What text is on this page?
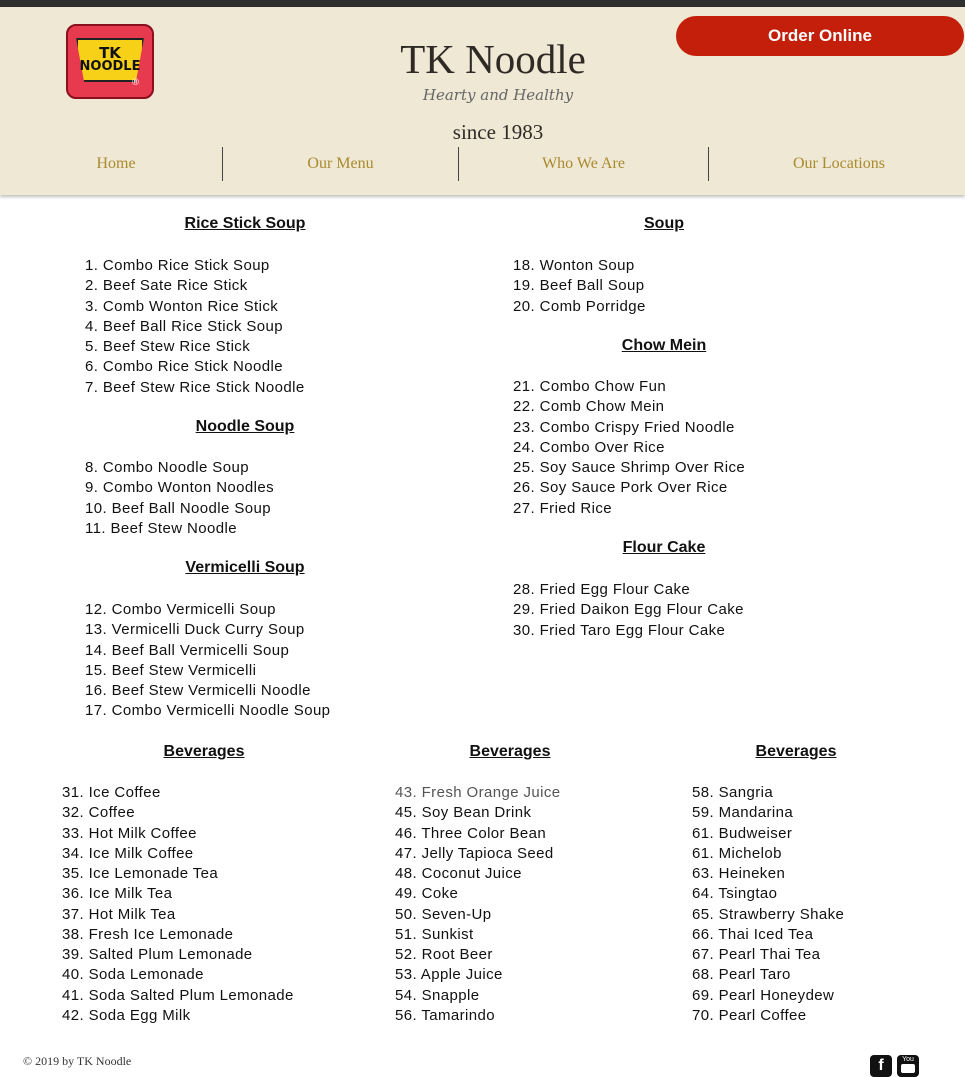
TK
NOODLE
®
TK Noodle
Hearty and Healthy
since 1983
Order Online
Home	Our Menu	Who We Are	Our Locations
Rice Stick Soup
1. Combo Rice Stick Soup
2. Beef Sate Rice Stick
3. Comb Wonton Rice Stick
4. Beef Ball Rice Stick Soup
5. Beef Stew Rice Stick
6. Combo Rice Stick Noodle
7. Beef Stew Rice Stick Noodle
Noodle Soup
8. Combo Noodle Soup
9. Combo Wonton Noodles
10. Beef Ball Noodle Soup
11. Beef Stew Noodle
Vermicelli Soup
12. Combo Vermicelli Soup
13. Vermicelli Duck Curry Soup
14. Beef Ball Vermicelli Soup
15. Beef Stew Vermicelli
16. Beef Stew Vermicelli Noodle
17. Combo Vermicelli Noodle Soup
Soup
18. Wonton Soup
19. Beef Ball Soup
20. Comb Porridge
Chow Mein
21. Combo Chow Fun
22. Comb Chow Mein
23. Combo Crispy Fried Noodle
24. Combo Over Rice
25. Soy Sauce Shrimp Over Rice
26. Soy Sauce Pork Over Rice
27. Fried Rice
Flour Cake
28. Fried Egg Flour Cake
29. Fried Daikon Egg Flour Cake
30. Fried Taro Egg Flour Cake
Beverages
31. Ice Coffee
32. Coffee
33. Hot Milk Coffee
34. Ice Milk Coffee
35. Ice Lemonade Tea
36. Ice Milk Tea
37. Hot Milk Tea
38. Fresh Ice Lemonade
39. Salted Plum Lemonade
40. Soda Lemonade
41. Soda Salted Plum Lemonade
42. Soda Egg Milk
Beverages
43. Fresh Orange Juice
45. Soy Bean Drink
46. Three Color Bean
47. Jelly Tapioca Seed
48. Coconut Juice
49. Coke
50. Seven-Up
51. Sunkist
52. Root Beer
53. Apple Juice
54. Snapple
56. Tamarindo
Beverages
58. Sangria
59. Mandarina
61. Budweiser
61. Michelob
63. Heineken
64. Tsingtao
65. Strawberry Shake
66. Thai Iced Tea
67. Pearl Thai Tea
68. Pearl Taro
69. Pearl Honeydew
70. Pearl Coffee
© 2019 by TK Noodle	f	You
